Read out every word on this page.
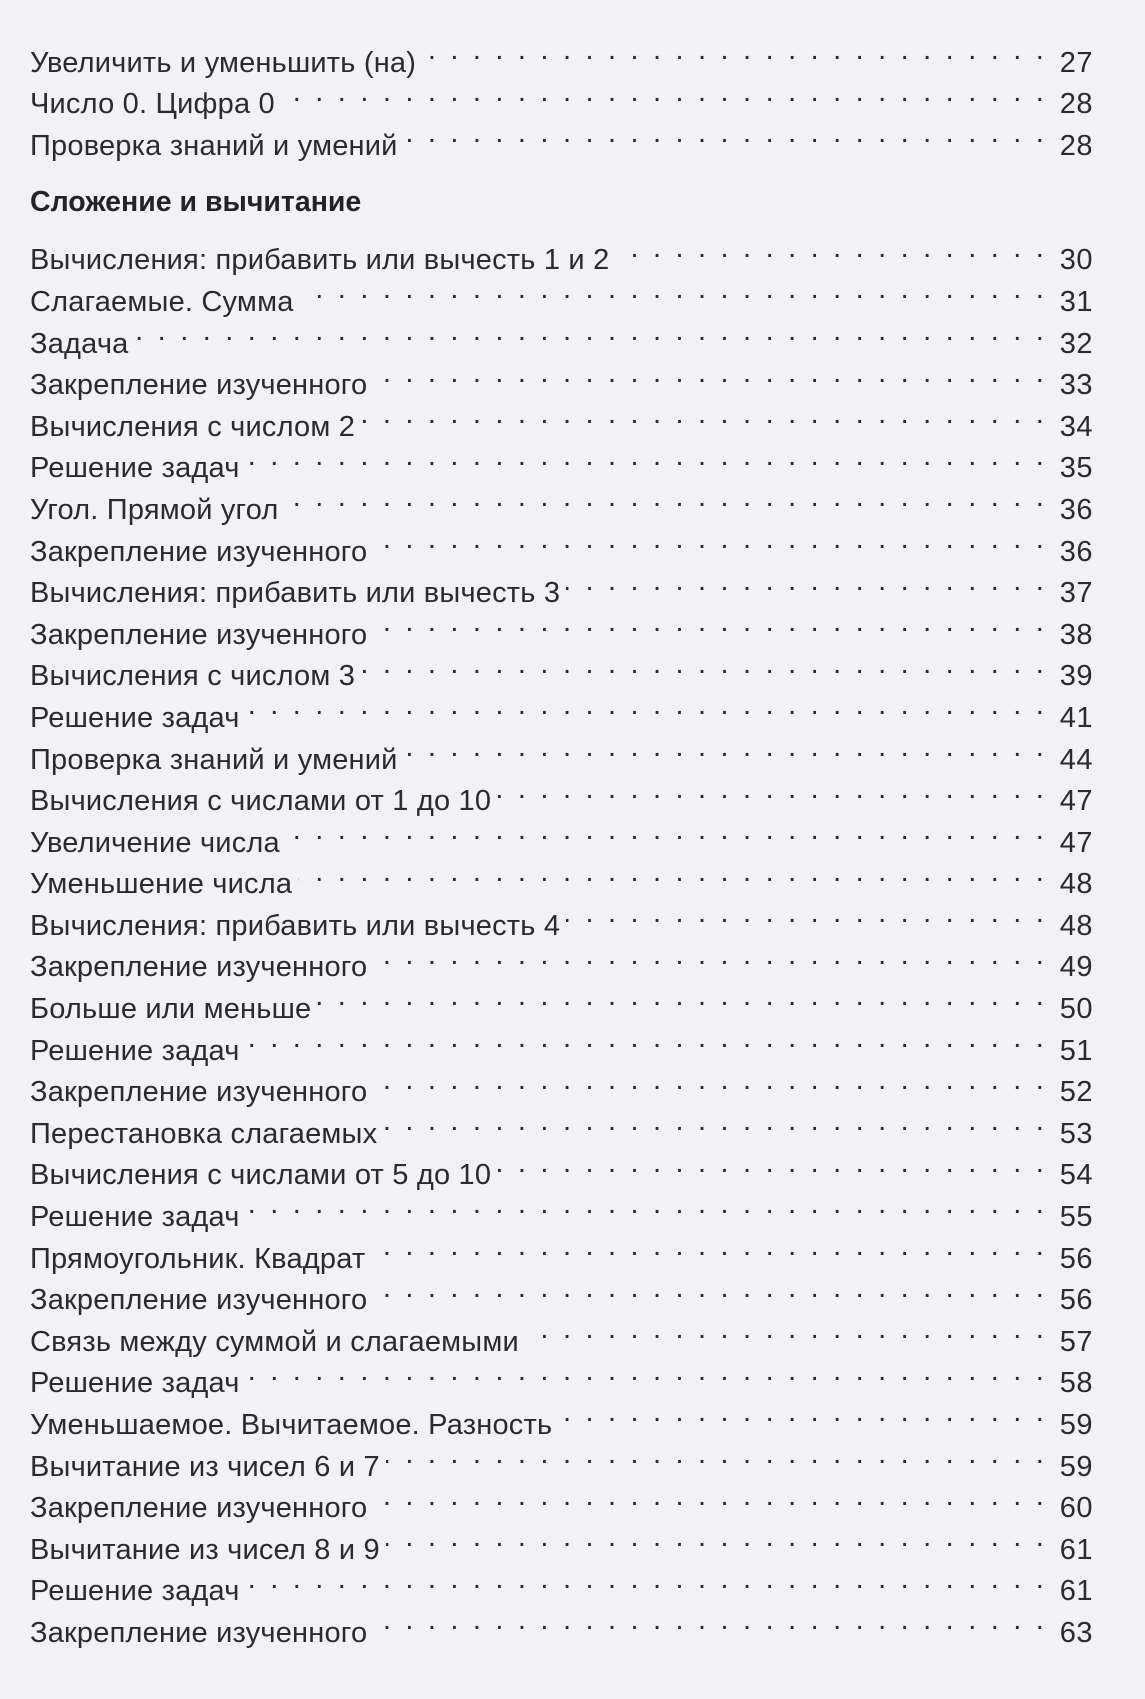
Увеличить и уменьшить (на) . . .	27
Число 0. Цифра 0 . . .	28
Проверка знаний и умений . . .	28
Сложение и вычитание
Вычисления: прибавить или вычесть 1 и 2 . . .	30
Слагаемые. Сумма . . .	31
Задача . . .	32
Закрепление изученного . . .	33
Вычисления с числом 2 . . .	34
Решение задач . . .	35
Угол. Прямой угол . . .	36
Закрепление изученного . . .	36
Вычисления: прибавить или вычесть 3 . . .	37
Закрепление изученного . . .	38
Вычисления с числом 3 . . .	39
Решение задач . . .	41
Проверка знаний и умений . . .	44
Вычисления с числами от 1 до 10 . . .	47
Увеличение числа . . .	47
Уменьшение числа . . .	48
Вычисления: прибавить или вычесть 4 . . .	48
Закрепление изученного . . .	49
Больше или меньше . . .	50
Решение задач . . .	51
Закрепление изученного . . .	52
Перестановка слагаемых . . .	53
Вычисления с числами от 5 до 10 . . .	54
Решение задач . . .	55
Прямоугольник. Квадрат . . .	56
Закрепление изученного . . .	56
Связь между суммой и слагаемыми . . .	57
Решение задач . . .	58
Уменьшаемое. Вычитаемое. Разность . . .	59
Вычитание из чисел 6 и 7 . . .	59
Закрепление изученного . . .	60
Вычитание из чисел 8 и 9 . . .	61
Решение задач . . .	61
Закрепление изученного . . .	63
